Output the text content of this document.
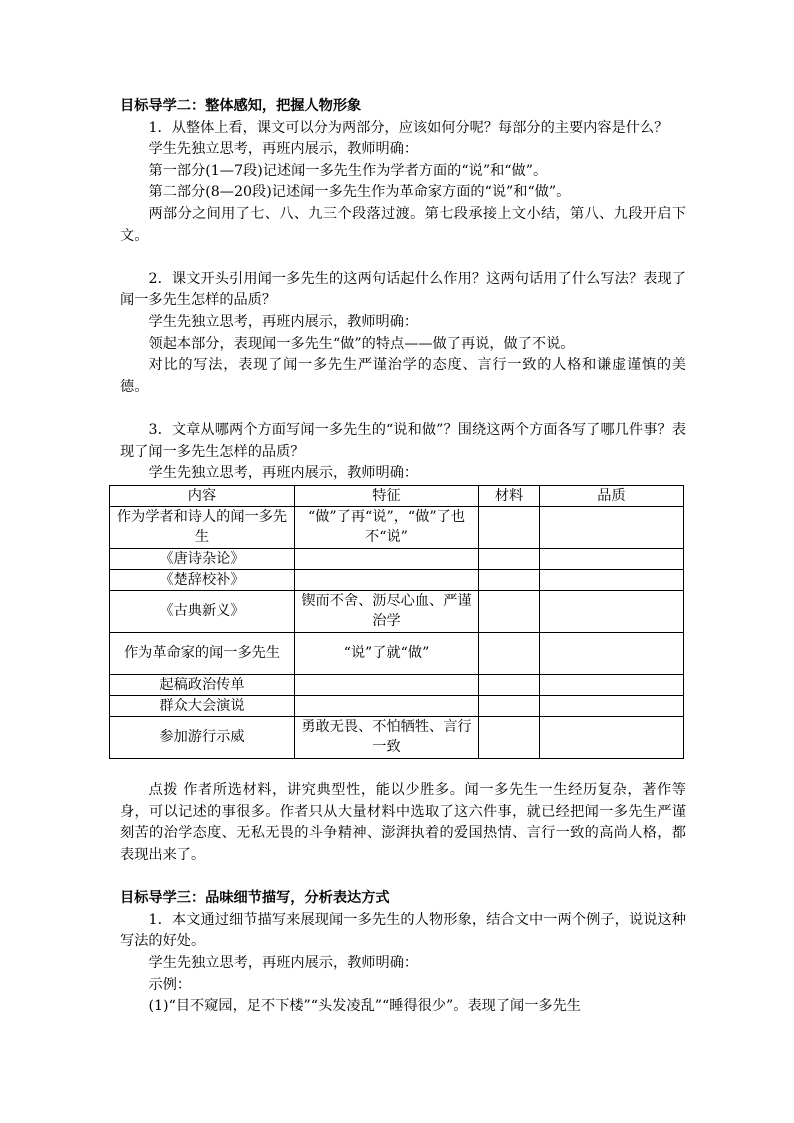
目标导学二：整体感知，把握人物形象

1．从整体上看，课文可以分为两部分，应该如何分呢？每部分的主要内容是什么？

学生先独立思考，再班内展示，教师明确：

第一部分(1—7段)记述闻一多先生作为学者方面的“说”和“做”。

第二部分(8—20段)记述闻一多先生作为革命家方面的“说”和“做”。

两部分之间用了七、八、九三个段落过渡。第七段承接上文小结，第八、九段开启下文。

2．课文开头引用闻一多先生的这两句话起什么作用？这两句话用了什么写法？表现了闻一多先生怎样的品质？

学生先独立思考，再班内展示，教师明确：

领起本部分，表现闻一多先生“做”的特点——做了再说，做了不说。

对比的写法，表现了闻一多先生严谨治学的态度、言行一致的人格和谦虚谨慎的美德。

3．文章从哪两个方面写闻一多先生的“说和做”？围绕这两个方面各写了哪几件事？表现了闻一多先生怎样的品质？

学生先独立思考，再班内展示，教师明确：

内容	特征	材料	品质
作为学者和诗人的闻一多先生	“做”了再“说”，“做”了也不“说”		
《唐诗杂论》			
《楚辞校补》			
《古典新义》	锲而不舍、沥尽心血、严谨治学		
作为革命家的闻一多先生	“说”了就“做”		
起稿政治传单			
群众大会演说			
参加游行示威	勇敢无畏、不怕牺牲、言行一致		

点拨 作者所选材料，讲究典型性，能以少胜多。闻一多先生一生经历复杂，著作等身，可以记述的事很多。作者只从大量材料中选取了这六件事，就已经把闻一多先生严谨刻苦的治学态度、无私无畏的斗争精神、澎湃执着的爱国热情、言行一致的高尚人格，都表现出来了。

目标导学三：品味细节描写，分析表达方式

1．本文通过细节描写来展现闻一多先生的人物形象，结合文中一两个例子，说说这种写法的好处。

学生先独立思考，再班内展示，教师明确：

示例：

(1)“目不窥园，足不下楼”“头发凌乱”“睡得很少”。表现了闻一多先生
